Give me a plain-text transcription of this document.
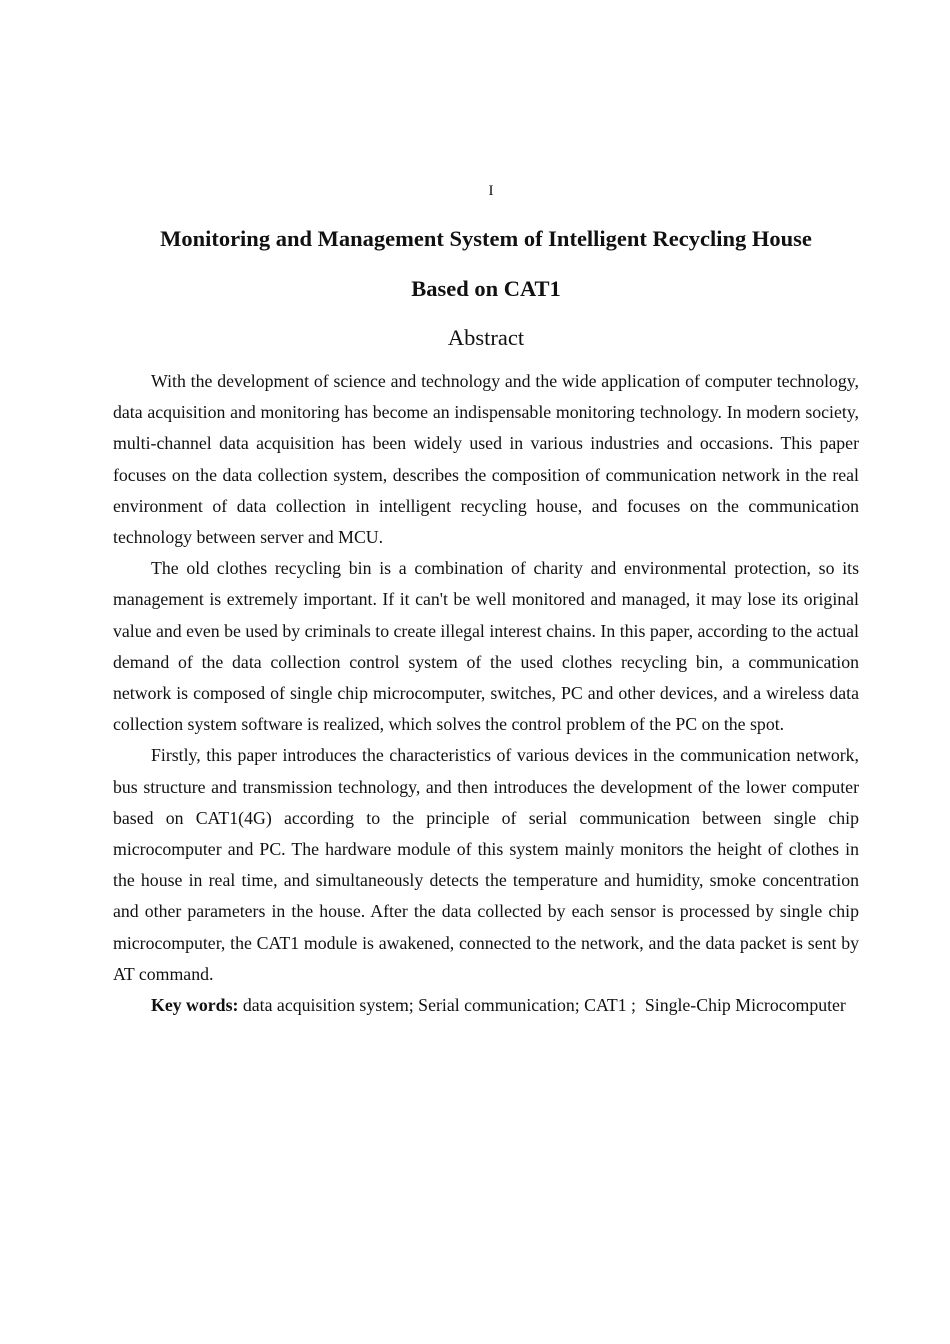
I
Monitoring and Management System of Intelligent Recycling House
Based on CAT1
Abstract

With the development of science and technology and the wide application of computer technology, data acquisition and monitoring has become an indispensable monitoring technology. In modern society, multi-channel data acquisition has been widely used in various industries and occasions. This paper focuses on the data collection system, describes the composition of communication network in the real environment of data collection in intelligent recycling house, and focuses on the communication technology between server and MCU.

The old clothes recycling bin is a combination of charity and environmental protection, so its management is extremely important. If it can't be well monitored and managed, it may lose its original value and even be used by criminals to create illegal interest chains. In this paper, according to the actual demand of the data collection control system of the used clothes recycling bin, a communication network is composed of single chip microcomputer, switches, PC and other devices, and a wireless data collection system software is realized, which solves the control problem of the PC on the spot.

Firstly, this paper introduces the characteristics of various devices in the communication network, bus structure and transmission technology, and then introduces the development of the lower computer based on CAT1(4G) according to the principle of serial communication between single chip microcomputer and PC. The hardware module of this system mainly monitors the height of clothes in the house in real time, and simultaneously detects the temperature and humidity, smoke concentration and other parameters in the house. After the data collected by each sensor is processed by single chip microcomputer, the CAT1 module is awakened, connected to the network, and the data packet is sent by AT command.

Key words: data acquisition system; Serial communication; CAT1 ;  Single-Chip Microcomputer
